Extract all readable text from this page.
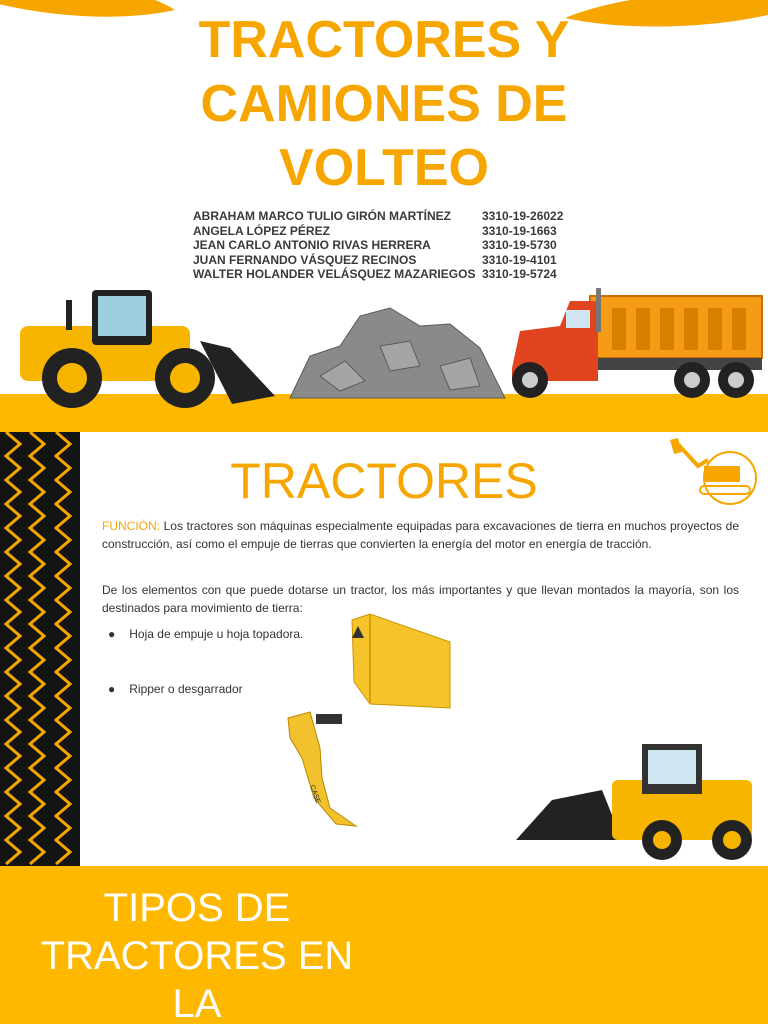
TRACTORES Y
CAMIONES DE
VOLTEO
ABRAHAM MARCO TULIO GIRÓN MARTÍNEZ	3310-19-26022
ANGELA LÓPEZ PÉREZ	3310-19-1663
JEAN CARLO ANTONIO RIVAS HERRERA	3310-19-5730
JUAN FERNANDO VÁSQUEZ RECINOS	3310-19-4101
WALTER HOLANDER VELÁSQUEZ MAZARIEGOS 3310-19-5724
TRACTORES

FUNCIÓN: Los tractores son máquinas especialmente equipadas para excavaciones de tierra en muchos proyectos de construcción, así como el empuje de tierras que convierten la energía del motor en energía de tracción.

De los elementos con que puede dotarse un tractor, los más importantes y que llevan montados la mayoría, son los destinados para movimiento de tierra:

● Hoja de empuje u hoja topadora.
● Ripper o desgarrador
CASE
TIPOS DE
TRACTORES EN
LA
